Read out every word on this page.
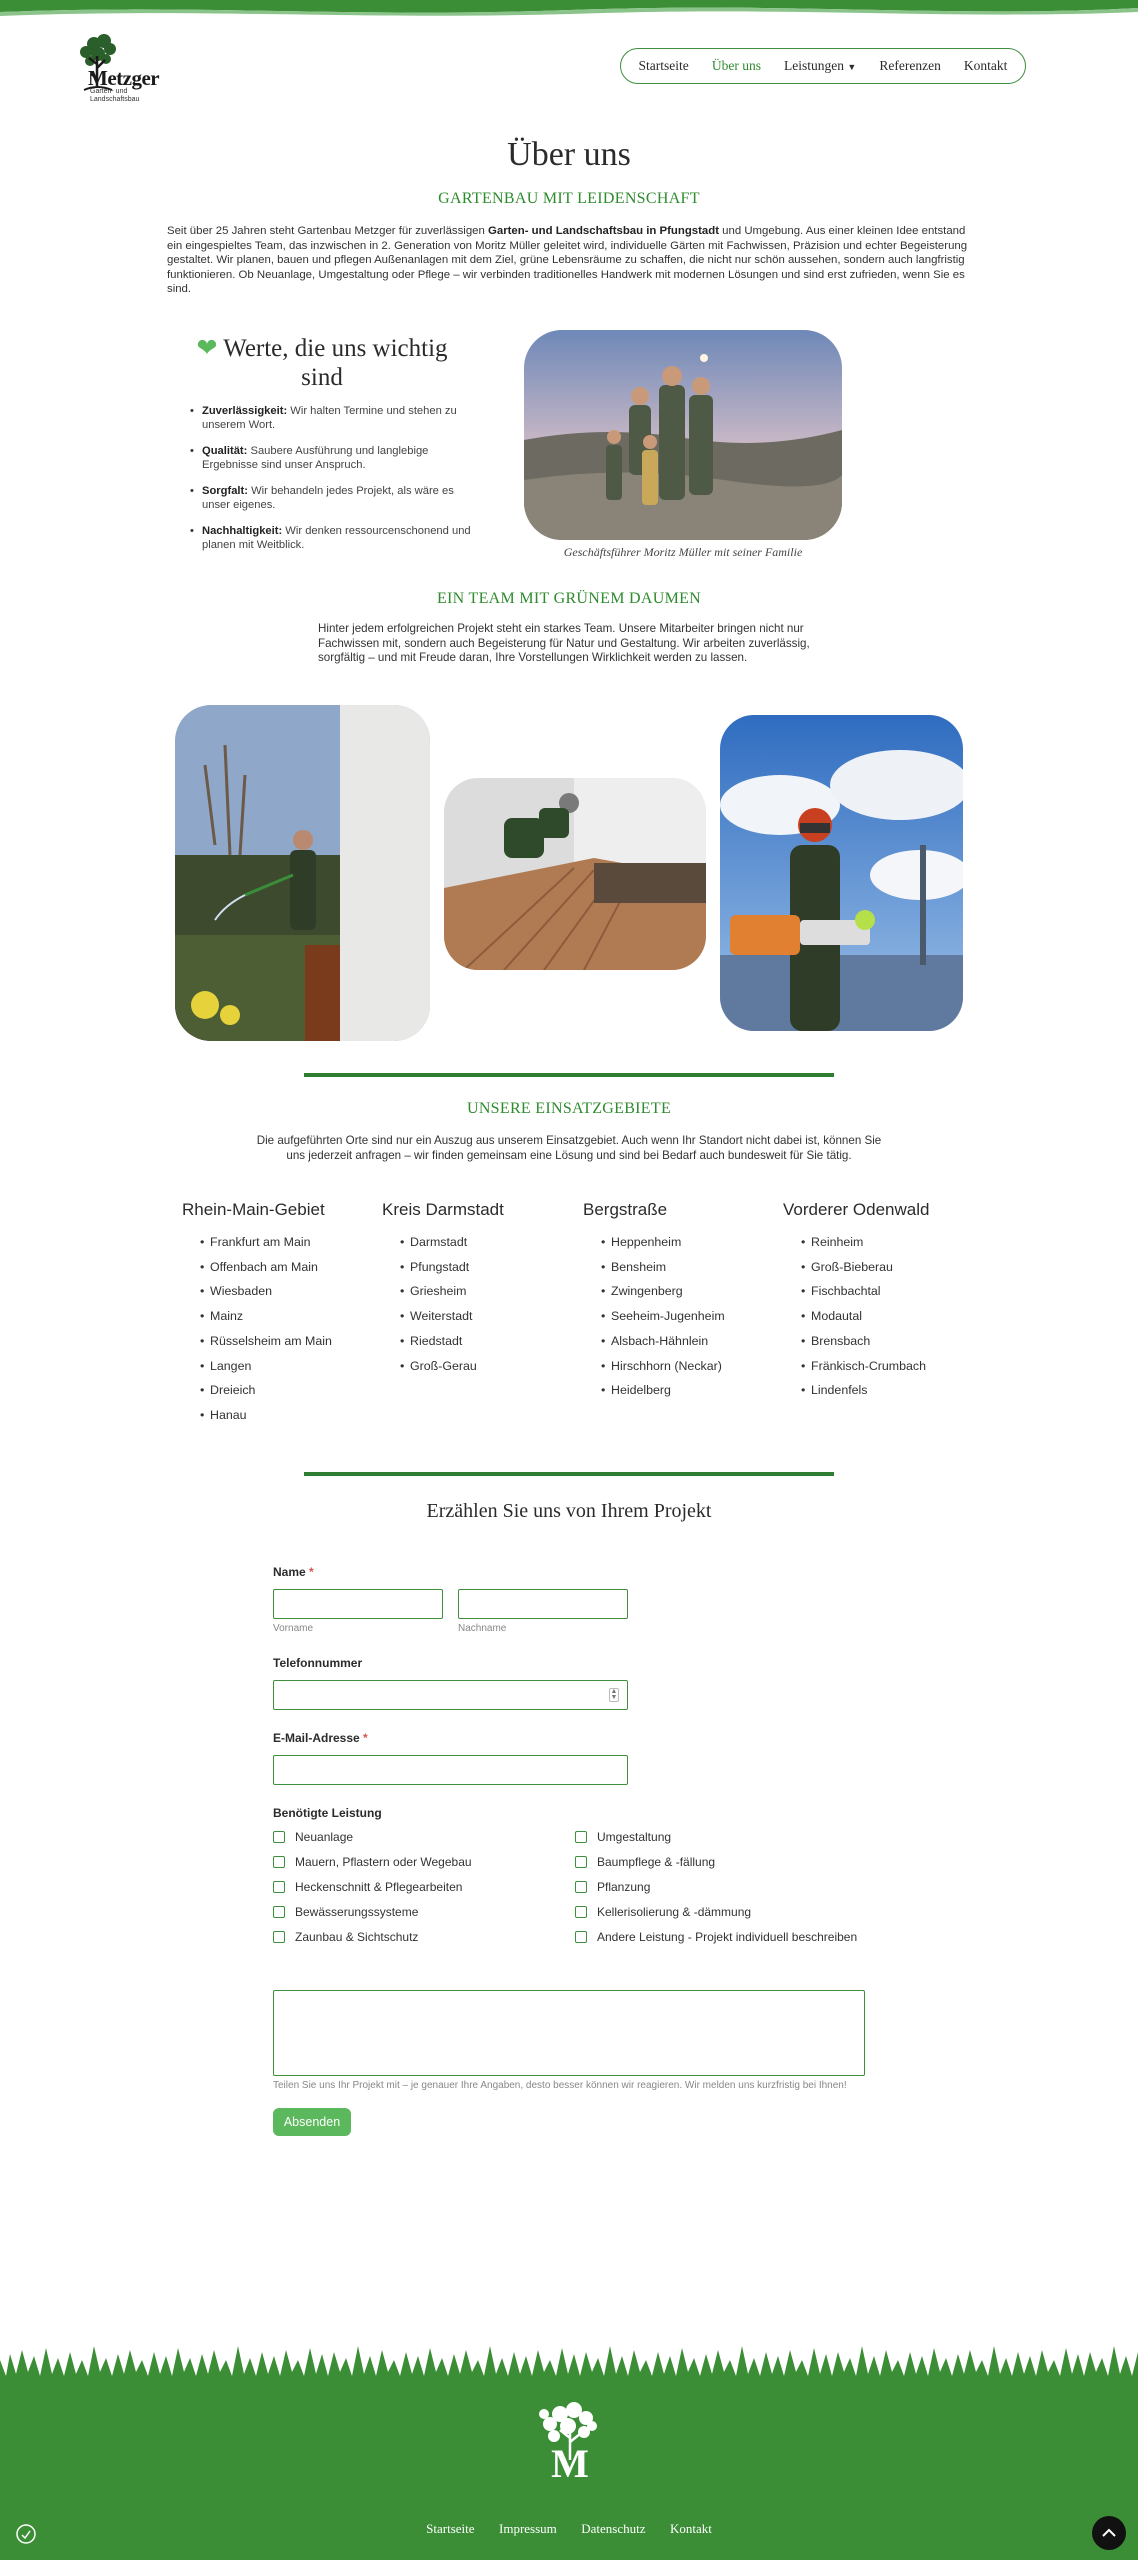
Metzger
Garten- und Landschaftsbau
Startseite Über uns Leistungen ▼ Referenzen Kontakt
Über uns
GARTENBAU MIT LEIDENSCHAFT

Seit über 25 Jahren steht Gartenbau Metzger für zuverlässigen Garten- und Landschaftsbau in Pfungstadt und Umgebung. Aus einer kleinen Idee entstand ein eingespieltes Team, das inzwischen in 2. Generation von Moritz Müller geleitet wird, individuelle Gärten mit Fachwissen, Präzision und echter Begeisterung gestaltet. Wir planen, bauen und pflegen Außenanlagen mit dem Ziel, grüne Lebensräume zu schaffen, die nicht nur schön aussehen, sondern auch langfristig funktionieren. Ob Neuanlage, Umgestaltung oder Pflege – wir verbinden traditionelles Handwerk mit modernen Lösungen und sind erst zufrieden, wenn Sie es sind.

❤ Werte, die uns wichtig sind
• Zuverlässigkeit: Wir halten Termine und stehen zu unserem Wort.
• Qualität: Saubere Ausführung und langlebige Ergebnisse sind unser Anspruch.
• Sorgfalt: Wir behandeln jedes Projekt, als wäre es unser eigenes.
• Nachhaltigkeit: Wir denken ressourcenschonend und planen mit Weitblick.	Geschäftsführer Moritz Müller mit seiner Familie
EIN TEAM MIT GRÜNEM DAUMEN

Hinter jedem erfolgreichen Projekt steht ein starkes Team. Unsere Mitarbeiter bringen nicht nur Fachwissen mit, sondern auch Begeisterung für Natur und Gestaltung. Wir arbeiten zuverlässig, sorgfältig – und mit Freude daran, Ihre Vorstellungen Wirklichkeit werden zu lassen.

UNSERE EINSATZGEBIETE

Die aufgeführten Orte sind nur ein Auszug aus unserem Einsatzgebiet. Auch wenn Ihr Standort nicht dabei ist, können Sie uns jederzeit anfragen – wir finden gemeinsam eine Lösung und sind bei Bedarf auch bundesweit für Sie tätig.

Rhein-Main-Gebiet
• Frankfurt am Main
• Offenbach am Main
• Wiesbaden
• Mainz
• Rüsselsheim am Main
• Langen
• Dreieich
• Hanau
Kreis Darmstadt
• Darmstadt
• Pfungstadt
• Griesheim
• Weiterstadt
• Riedstadt
• Groß-Gerau
Bergstraße
• Heppenheim
• Bensheim
• Zwingenberg
• Seeheim-Jugenheim
• Alsbach-Hähnlein
• Hirschhorn (Neckar)
• Heidelberg
Vorderer Odenwald
• Reinheim
• Groß-Bieberau
• Fischbachtal
• Modautal
• Brensbach
• Fränkisch-Crumbach
• Lindenfels
Erzählen Sie uns von Ihrem Projekt
Name *
Vorname	Nachname
Telefonnummer
▲
▼
E-Mail-Adresse *
Benötigte Leistung
Neuanlage
Mauern, Pflastern oder Wegebau
Heckenschnitt & Pflegearbeiten
Bewässerungssysteme
Zaunbau & Sichtschutz
Umgestaltung
Baumpflege & -fällung
Pflanzung
Kellerisolierung & -dämmung
Andere Leistung - Projekt individuell beschreiben
Teilen Sie uns Ihr Projekt mit – je genauer Ihre Angaben, desto besser können wir reagieren. Wir melden uns kurzfristig bei Ihnen!
Absenden
M
Startseite Impressum Datenschutz Kontakt
